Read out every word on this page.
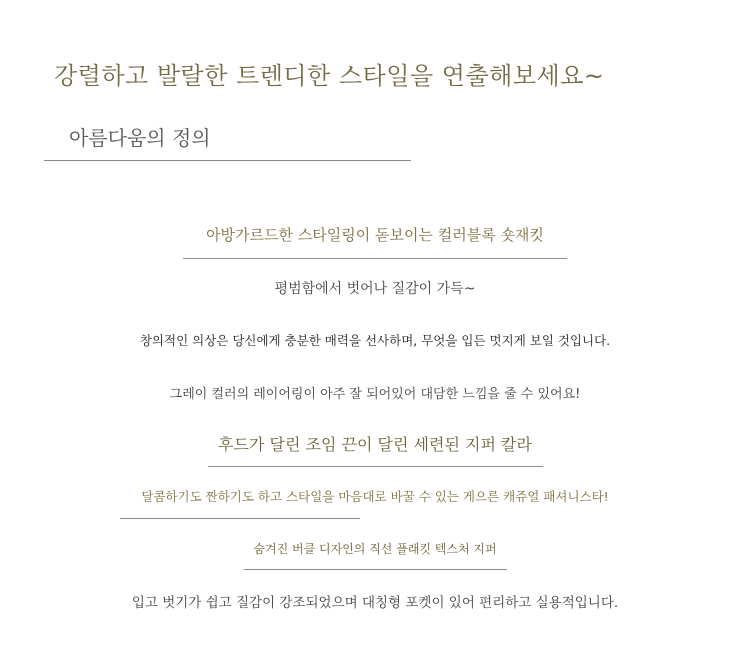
강렬하고 발랄한 트렌디한 스타일을 연출해보세요~
아름다움의 정의
아방가르드한 스타일링이 돋보이는 컬러블록 숏재킷
평범함에서 벗어나 질감이 가득~
창의적인 의상은 당신에게 충분한 매력을 선사하며, 무엇을 입든 멋지게 보일 것입니다.
그레이 컬러의 레이어링이 아주 잘 되어있어 대담한 느낌을 줄 수 있어요!
후드가 달린 조임 끈이 달린 세련된 지퍼 칼라
달콤하기도 짠하기도 하고 스타일을 마음대로 바꿀 수 있는 게으른 캐쥬얼 패셔니스타!
숨겨진 버클 디자인의 직선 플래킷 텍스처 지퍼
입고 벗기가 쉽고 질감이 강조되었으며 대칭형 포켓이 있어 편리하고 실용적입니다.
